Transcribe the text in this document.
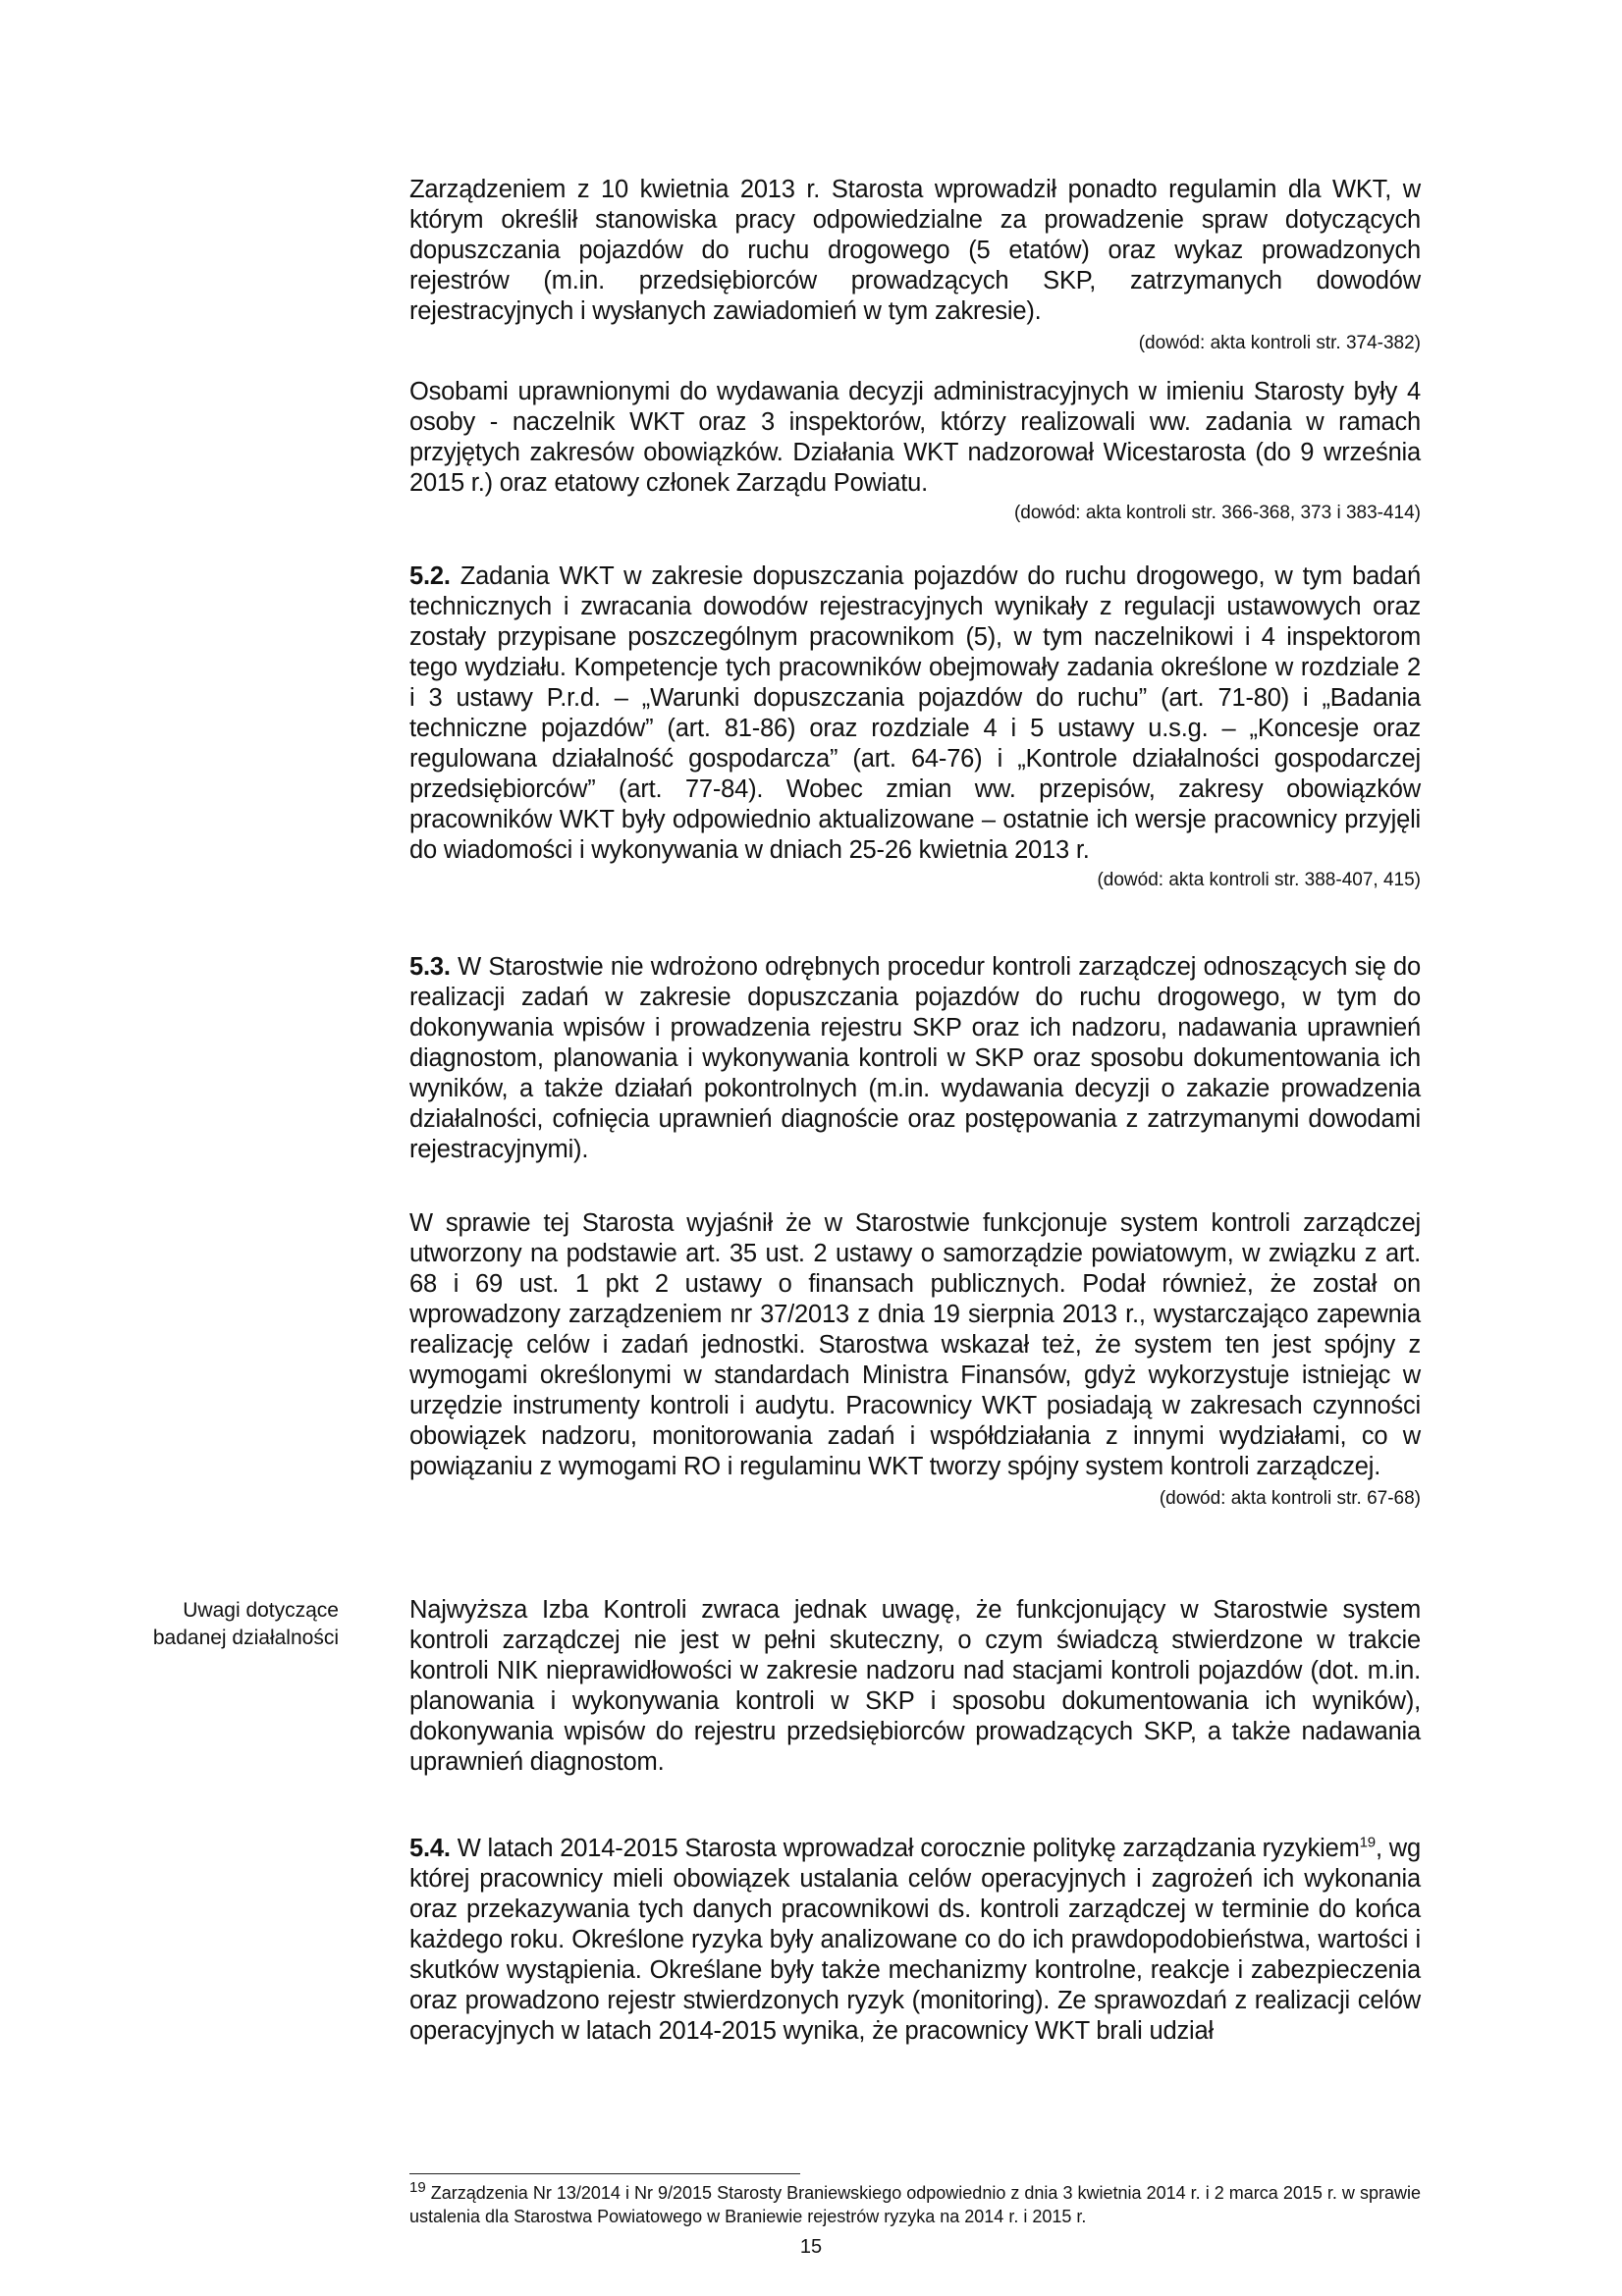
Zarządzeniem z 10 kwietnia 2013 r. Starosta wprowadził ponadto regulamin dla WKT, w którym określił stanowiska pracy odpowiedzialne za prowadzenie spraw dotyczących dopuszczania pojazdów do ruchu drogowego (5 etatów) oraz wykaz prowadzonych rejestrów (m.in. przedsiębiorców prowadzących SKP, zatrzymanych dowodów rejestracyjnych i wysłanych zawiadomień w tym zakresie).

(dowód: akta kontroli str. 374-382)

Osobami uprawnionymi do wydawania decyzji administracyjnych w imieniu Starosty były 4 osoby - naczelnik WKT oraz 3 inspektorów, którzy realizowali ww. zadania w ramach przyjętych zakresów obowiązków. Działania WKT nadzorował Wicestarosta (do 9 września 2015 r.) oraz etatowy członek Zarządu Powiatu.

(dowód: akta kontroli str. 366-368, 373 i 383-414)

5.2. Zadania WKT w zakresie dopuszczania pojazdów do ruchu drogowego, w tym badań technicznych i zwracania dowodów rejestracyjnych wynikały z regulacji ustawowych oraz zostały przypisane poszczególnym pracownikom (5), w tym naczelnikowi i 4 inspektorom tego wydziału. Kompetencje tych pracowników obejmowały zadania określone w rozdziale 2 i 3 ustawy P.r.d. – „Warunki dopuszczania pojazdów do ruchu” (art. 71-80) i „Badania techniczne pojazdów” (art. 81-86) oraz rozdziale 4 i 5 ustawy u.s.g. – „Koncesje oraz regulowana działalność gospodarcza” (art. 64-76) i „Kontrole działalności gospodarczej przedsiębiorców” (art. 77-84). Wobec zmian ww. przepisów, zakresy obowiązków pracowników WKT były odpowiednio aktualizowane – ostatnie ich wersje pracownicy przyjęli do wiadomości i wykonywania w dniach 25-26 kwietnia 2013 r.

(dowód: akta kontroli str. 388-407, 415)

5.3. W Starostwie nie wdrożono odrębnych procedur kontroli zarządczej odnoszących się do realizacji zadań w zakresie dopuszczania pojazdów do ruchu drogowego, w tym do dokonywania wpisów i prowadzenia rejestru SKP oraz ich nadzoru, nadawania uprawnień diagnostom, planowania i wykonywania kontroli w SKP oraz sposobu dokumentowania ich wyników, a także działań pokontrolnych (m.in. wydawania decyzji o zakazie prowadzenia działalności, cofnięcia uprawnień diagnoście oraz postępowania z zatrzymanymi dowodami rejestracyjnymi).

W sprawie tej Starosta wyjaśnił że w Starostwie funkcjonuje system kontroli zarządczej utworzony na podstawie art. 35 ust. 2 ustawy o samorządzie powiatowym, w związku z art. 68 i 69 ust. 1 pkt 2 ustawy o finansach publicznych. Podał również, że został on wprowadzony zarządzeniem nr 37/2013 z dnia 19 sierpnia 2013 r., wystarczająco zapewnia realizację celów i zadań jednostki. Starostwa wskazał też, że system ten jest spójny z wymogami określonymi w standardach Ministra Finansów, gdyż wykorzystuje istniejąc w urzędzie instrumenty kontroli i audytu. Pracownicy WKT posiadają w zakresach czynności obowiązek nadzoru, monitorowania zadań i współdziałania z innymi wydziałami, co w powiązaniu z wymogami RO i regulaminu WKT tworzy spójny system kontroli zarządczej.

(dowód: akta kontroli str. 67-68)

Uwagi dotyczące badanej działalności

Najwyższa Izba Kontroli zwraca jednak uwagę, że funkcjonujący w Starostwie system kontroli zarządczej nie jest w pełni skuteczny, o czym świadczą stwierdzone w trakcie kontroli NIK nieprawidłowości w zakresie nadzoru nad stacjami kontroli pojazdów (dot. m.in. planowania i wykonywania kontroli w SKP i sposobu dokumentowania ich wyników), dokonywania wpisów do rejestru przedsiębiorców prowadzących SKP, a także nadawania uprawnień diagnostom.

5.4. W latach 2014-2015 Starosta wprowadzał corocznie politykę zarządzania ryzykiem$^{19}$, wg której pracownicy mieli obowiązek ustalania celów operacyjnych i zagrożeń ich wykonania oraz przekazywania tych danych pracownikowi ds. kontroli zarządczej w terminie do końca każdego roku. Określone ryzyka były analizowane co do ich prawdopodobieństwa, wartości i skutków wystąpienia. Określane były także mechanizmy kontrolne, reakcje i zabezpieczenia oraz prowadzono rejestr stwierdzonych ryzyk (monitoring). Ze sprawozdań z realizacji celów operacyjnych w latach 2014-2015 wynika, że pracownicy WKT brali udział

$^{19}$ Zarządzenia Nr 13/2014 i Nr 9/2015 Starosty Braniewskiego odpowiednio z dnia 3 kwietnia 2014 r. i 2 marca 2015 r. w sprawie ustalenia dla Starostwa Powiatowego w Braniewie rejestrów ryzyka na 2014 r. i 2015 r.

15
